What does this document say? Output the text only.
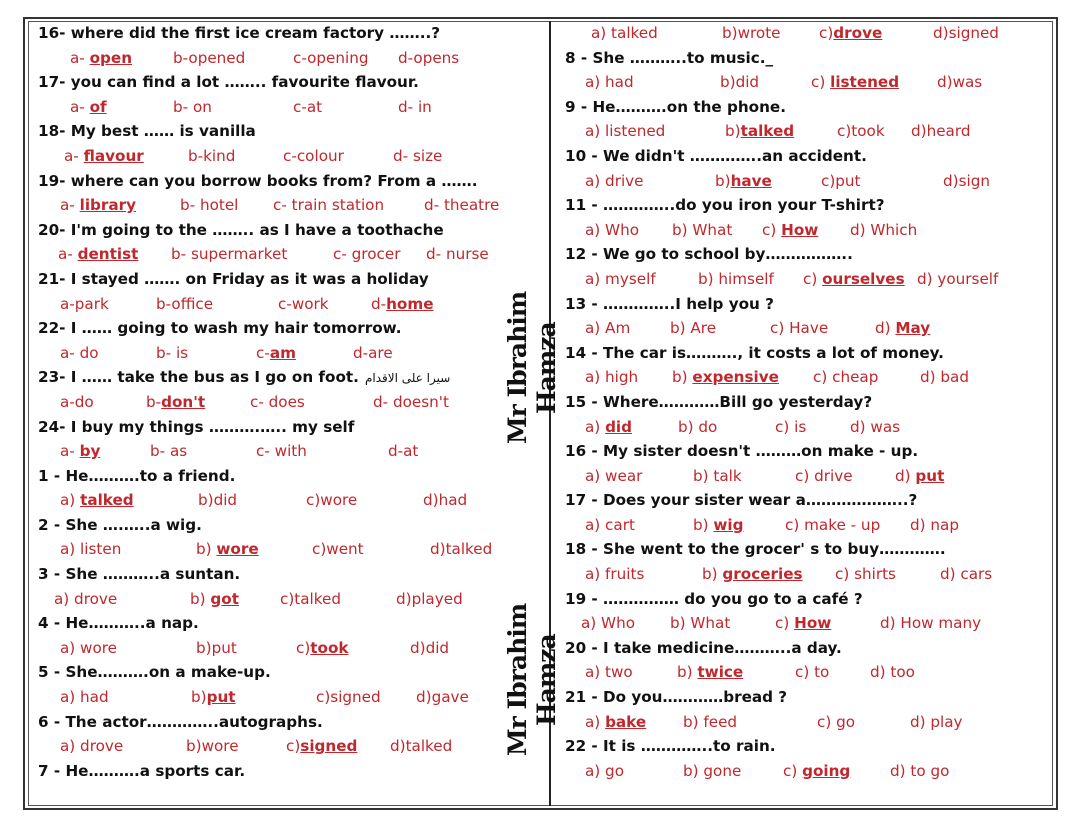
16- where did the first ice cream factory ……..?
a- open	b-opened	c-opening d-opens
17- you can find a lot …….. favourite flavour.
a- of	b- on	c-at	d- in
18- My best …… is vanilla
a- flavour	b-kind	c-colour	d- size
19- where can you borrow books from? From a …….
a- library	b- hotel c- train station	d- theatre
20- I'm going to the …….. as I have a toothache
a- dentist b- supermarket	c- grocer d- nurse
21- I stayed ……. on Friday as it was a holiday
a-park	b-office	c-work	d-home
22- I …… going to wash my hair tomorrow.
a- do	b- is	c-am	d-are
23- I …… take the bus as I go on foot. سيرا على الاقدام
a-do	b-don't	c- does	d- doesn't
24- I buy my things ……….….. my self
a- by	b- as	c- with	d-at
1 - He……….to a friend.
a) talked	b)did	c)wore	d)had
2 - She ….…..a wig.
a) listen	b) wore	c)went	d)talked
3 - She ………..a suntan.
a) drove	b) got	c)talked	d)played
4 - He………..a nap.
a) wore	b)put	c)took	d)did
5 - She……….on a make-up.
a) had	b)put	c)signed d)gave
6 - The actor…………..autographs.
a) drove	b)wore	c)signed d)talked
7 - He……….a sports car.
a) talked	b)wrote	c)drove	d)signed
8 - She ………..to music._
a) had	b)did	c) listened d)was
9 - He……….on the phone.
a) listened	b)talked	c)took d)heard
10 - We didn't …………..an accident.
a) drive	b)have	c)put	d)sign
11 - …………..do you iron your T-shirt?
a) Who b) What c) How d) Which
12 - We go to school by……………..
a) myself	b) himself c) ourselves d) yourself
13 - …………..I help you ?
a) Am	b) Are	c) Have	d) May
14 - The car is………., it costs a lot of money.
a) high b) expensive c) cheap	d) bad
15 - Where…………Bill go yesterday?
a) did	b) do	c) is	d) was
16 - My sister doesn't ………on make - up.
a) wear	b) talk	c) drive	d) put
17 - Does your sister wear a………………..?
a) cart	b) wig	c) make - up d) nap
18 - She went to the grocer' s to buy………….
a) fruits	b) groceries c) shirts	d) cars
19 - …………… do you go to a café ?
a) Who b) What	c) How	d) How many
20 - I take medicine………..a day.
a) two	b) twice	c) to	d) too
21 - Do you…………bread ?
a) bake b) feed	c) go	d) play
22 - It is …………..to rain.
a) go	b) gone	c) going	d) to go
Mr Ibrahim Hamza
Mr Ibrahim Hamza
